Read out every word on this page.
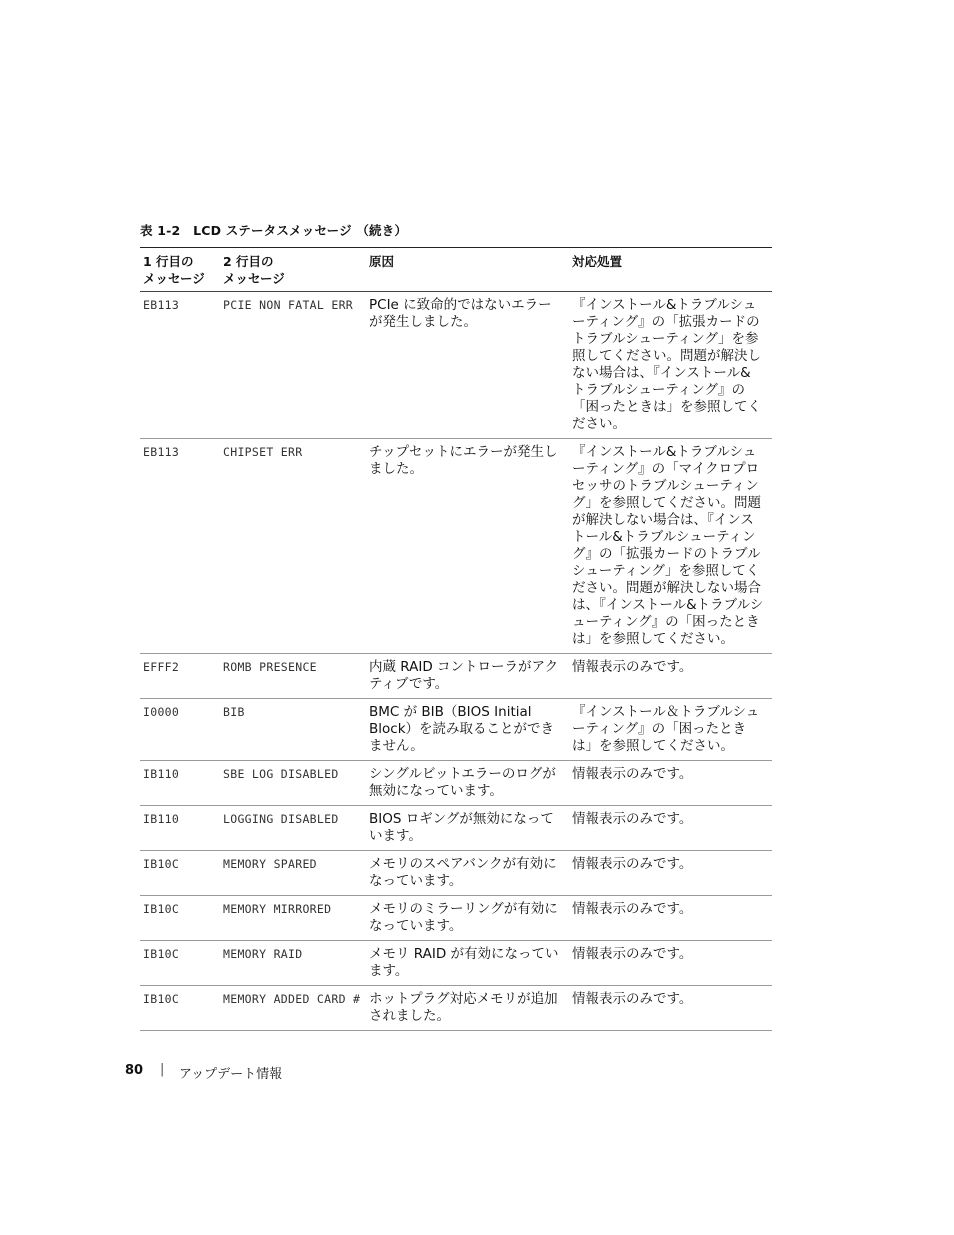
表 1-2　LCD ステータスメッセージ （続き）
1 行目の
メッセージ	2 行目の
メッセージ	原因	対応処置
EB113	PCIE NON FATAL ERR	PCIe に致命的ではないエラーが発生しました。	『インストール&トラブルシューティング』の「拡張カードのトラブルシューティング」を参照してください。問題が解決しない場合は、『インストール&トラブルシューティング』の「困ったときは」を参照してください。
EB113	CHIPSET ERR	チップセットにエラーが発生しました。	『インストール&トラブルシューティング』の「マイクロプロセッサのトラブルシューティング」を参照してください。問題が解決しない場合は、『インストール&トラブルシューティング』の「拡張カードのトラブルシューティング」を参照してください。問題が解決しない場合は、『インストール&トラブルシューティング』の「困ったときは」を参照してください。
EFFF2	ROMB PRESENCE	内蔵 RAID コントローラがアクティブです。	情報表示のみです。
I0000	BIB	BMC が BIB（BIOS Initial Block）を読み取ることができません。	『インストール＆トラブルシューティング』の「困ったときは」を参照してください。
IB110	SBE LOG DISABLED	シングルビットエラーのログが無効になっています。	情報表示のみです。
IB110	LOGGING DISABLED	BIOS ロギングが無効になっています。	情報表示のみです。
IB10C	MEMORY SPARED	メモリのスペアバンクが有効になっています。	情報表示のみです。
IB10C	MEMORY MIRRORED	メモリのミラーリングが有効になっています。	情報表示のみです。
IB10C	MEMORY RAID	メモリ RAID が有効になっています。	情報表示のみです。
IB10C	MEMORY ADDED CARD #	ホットプラグ対応メモリが追加されました。	情報表示のみです。
80 | アップデート情報
